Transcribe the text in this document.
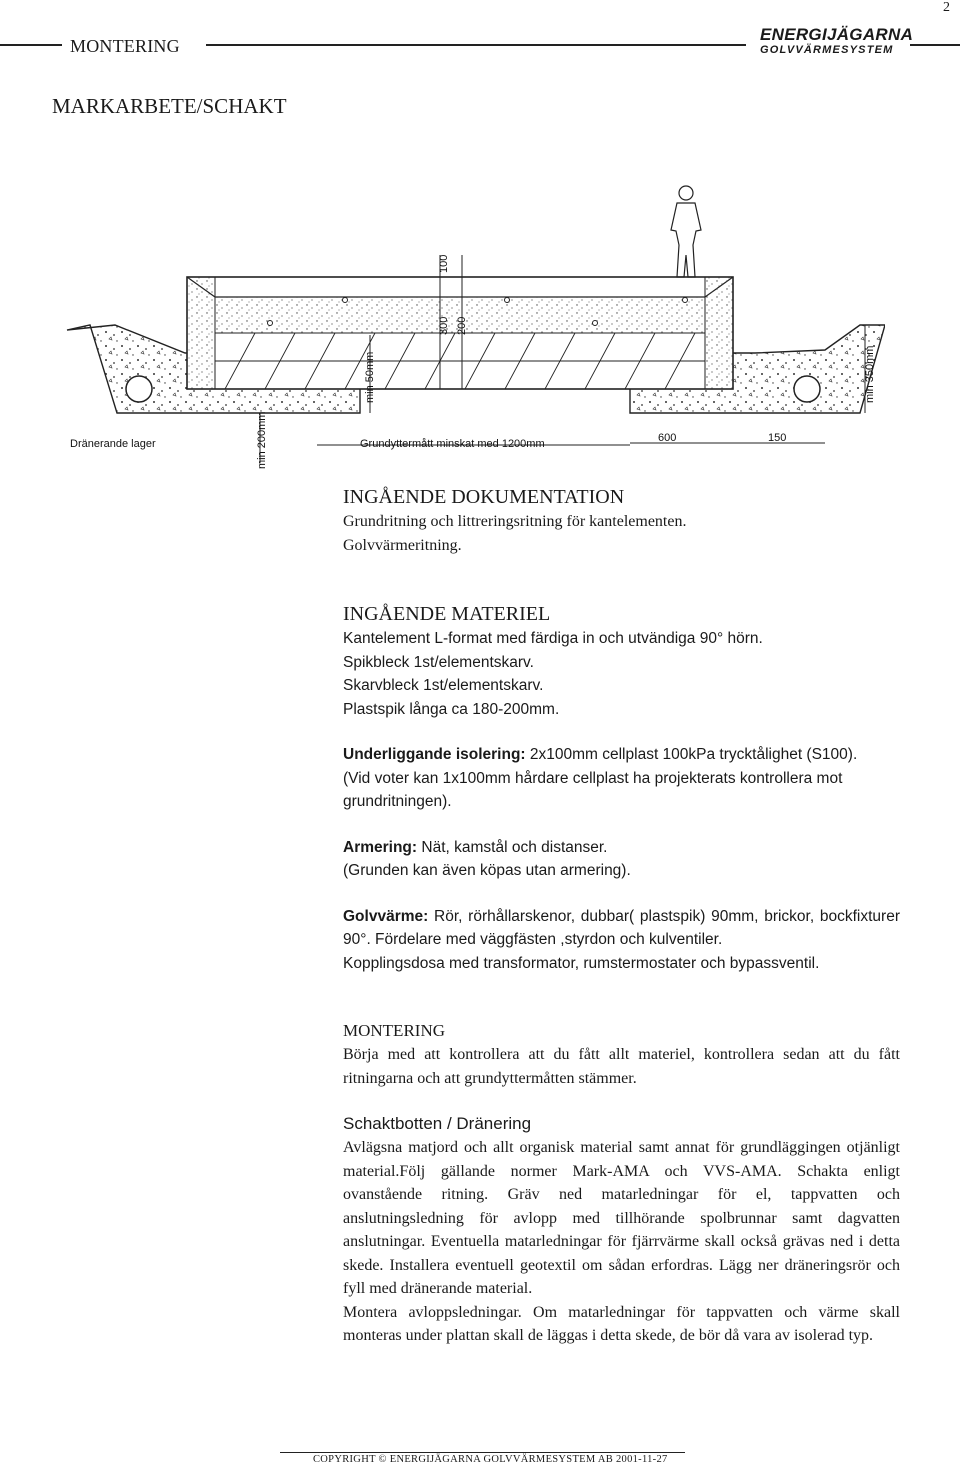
2
MONTERING
ENERGIJÄGARNA
GOLVVÄRMESYSTEM
MARKARBETE/SCHAKT
100
300 200
min 50mm
min 200mm
min 350mm
Dränerande lager	Grundyttermått minskat med 1200mm	600	150
INGÅENDE DOKUMENTATION

Grundritning och littreringsritning för kantelementen.

Golvvärmeritning.

INGÅENDE MATERIEL

Kantelement L-format med färdiga in och utvändiga 90° hörn.

Spikbleck 1st/elementskarv.

Skarvbleck 1st/elementskarv.

Plastspik långa ca 180-200mm.

Underliggande isolering: 2x100mm cellplast 100kPa trycktålighet (S100).

(Vid voter kan 1x100mm hårdare cellplast ha projekterats kontrollera mot grundritningen).

Armering: Nät, kamstål och distanser.

(Grunden kan även köpas utan armering).

Golvvärme: Rör, rörhållarskenor, dubbar( plastspik) 90mm, brickor, bockfixturer 90°. Fördelare med väggfästen ,styrdon och kulventiler.

Kopplingsdosa med transformator, rumstermostater och bypassventil.

MONTERING

Börja med att kontrollera att du fått allt materiel, kontrollera sedan att du fått ritningarna och att grundyttermåtten stämmer.

Schaktbotten / Dränering

Avlägsna matjord och allt organisk material samt annat för grundläggingen otjänligt material.Följ gällande normer Mark-AMA och VVS-AMA. Schakta enligt ovanstående ritning. Gräv ned matarledningar för el, tappvatten och anslutningsledning för avlopp med tillhörande spolbrunnar samt dagvatten anslutningar. Eventuella matarledningar för fjärrvärme skall också grävas ned i detta skede. Installera eventuell geotextil om sådan erfordras. Lägg ner dräneringsrör och fyll med dränerande material.

Montera avloppsledningar. Om matarledningar för tappvatten och värme skall monteras under plattan skall de läggas i detta skede, de bör då vara av isolerad typ.

COPYRIGHT © ENERGIJÄGARNA GOLVVÄRMESYSTEM AB 2001-11-27
